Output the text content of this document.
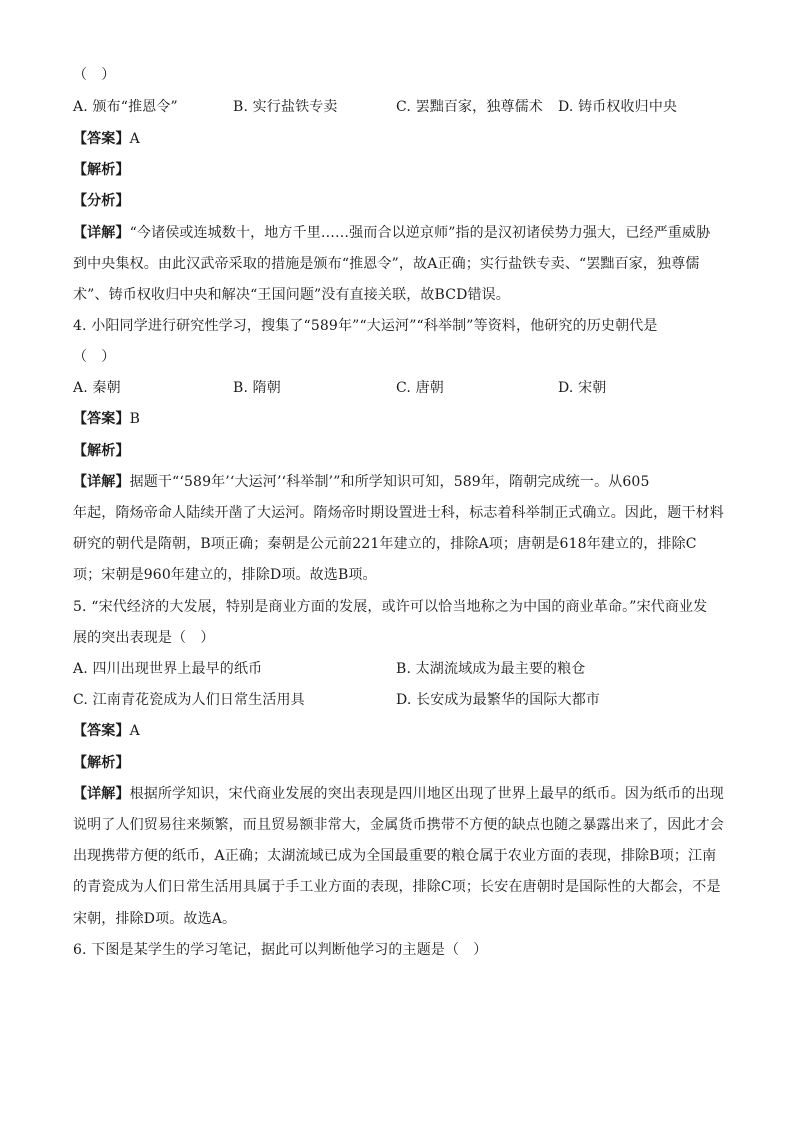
（　）
A. 颁布“推恩令”	B. 实行盐铁专卖	C. 罢黜百家，独尊儒术 D. 铸币权收归中央
【答案】A
【解析】
【分析】
【详解】“今诸侯或连城数十，地方千里……强而合以逆京师”指的是汉初诸侯势力强大，已经严重威胁
到中央集权。由此汉武帝采取的措施是颁布“推恩令”，故A正确；实行盐铁专卖、“罢黜百家，独尊儒
术”、铸币权收归中央和解决“王国问题”没有直接关联，故BCD错误。
4. 小阳同学进行研究性学习，搜集了“589年”“大运河”“科举制”等资料，他研究的历史朝代是
（　）
A. 秦朝	B. 隋朝	C. 唐朝	D. 宋朝
【答案】B
【解析】
【详解】据题干“‘589年’‘大运河’‘科举制’”和所学知识可知，589年，隋朝完成统一。从605
年起，隋炀帝命人陆续开凿了大运河。隋炀帝时期设置进士科，标志着科举制正式确立。因此，题干材料
研究的朝代是隋朝，B项正确；秦朝是公元前221年建立的，排除A项；唐朝是618年建立的，排除C
项；宋朝是960年建立的，排除D项。故选B项。
5. “宋代经济的大发展，特别是商业方面的发展，或许可以恰当地称之为中国的商业革命。”宋代商业发
展的突出表现是（　）
A. 四川出现世界上最早的纸币	B. 太湖流域成为最主要的粮仓
C. 江南青花瓷成为人们日常生活用具	D. 长安成为最繁华的国际大都市
【答案】A
【解析】
【详解】根据所学知识，宋代商业发展的突出表现是四川地区出现了世界上最早的纸币。因为纸币的出现
说明了人们贸易往来频繁，而且贸易额非常大，金属货币携带不方便的缺点也随之暴露出来了，因此才会
出现携带方便的纸币，A正确；太湖流域已成为全国最重要的粮仓属于农业方面的表现，排除B项；江南
的青瓷成为人们日常生活用具属于手工业方面的表现，排除C项；长安在唐朝时是国际性的大都会，不是
宋朝，排除D项。故选A。
6. 下图是某学生的学习笔记，据此可以判断他学习的主题是（　）
